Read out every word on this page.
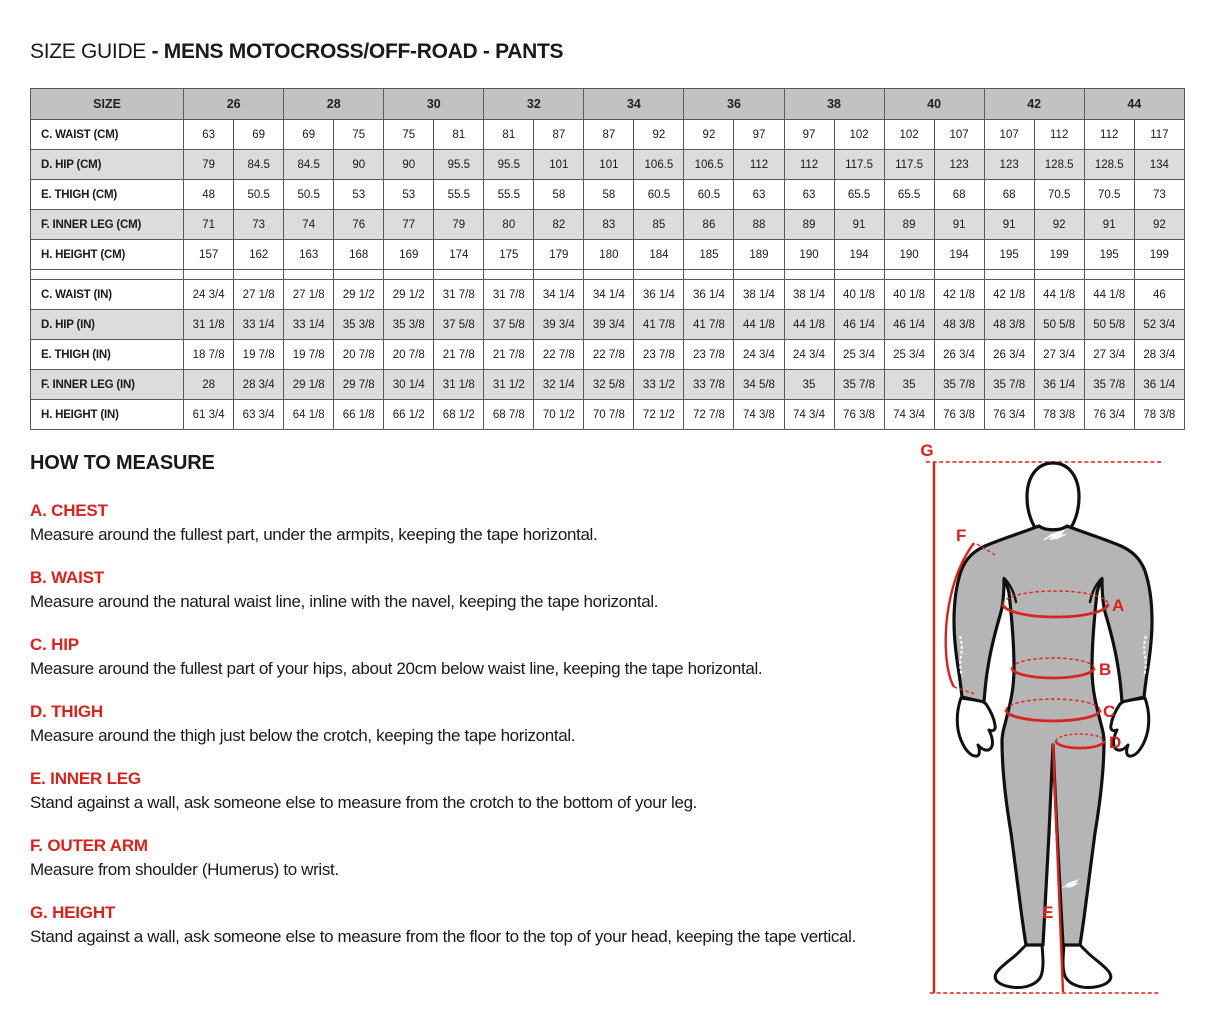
SIZE GUIDE - MENS MOTOCROSS/OFF-ROAD - PANTS
SIZE	26		28		30		32		34		36		38		40		42		44	
C. WAIST (CM)	63	69	69	75	75	81	81	87	87	92	92	97	97	102	102	107	107	112	112	117
D. HIP (CM)	79	84.5	84.5	90	90	95.5	95.5	101	101	106.5	106.5	112	112	117.5	117.5	123	123	128.5	128.5	134
E. THIGH (CM)	48	50.5	50.5	53	53	55.5	55.5	58	58	60.5	60.5	63	63	65.5	65.5	68	68	70.5	70.5	73
F. INNER LEG (CM)	71	73	74	76	77	79	80	82	83	85	86	88	89	91	89	91	91	92	91	92
H. HEIGHT (CM)	157	162	163	168	169	174	175	179	180	184	185	189	190	194	190	194	195	199	195	199

C. WAIST (IN)	24 3/4	27 1/8	27 1/8	29 1/2	29 1/2	31 7/8	31 7/8	34 1/4	34 1/4	36 1/4	36 1/4	38 1/4	38 1/4	40 1/8	40 1/8	42 1/8	42 1/8	44 1/8	44 1/8	46
D. HIP (IN)	31 1/8	33 1/4	33 1/4	35 3/8	35 3/8	37 5/8	37 5/8	39 3/4	39 3/4	41 7/8	41 7/8	44 1/8	44 1/8	46 1/4	46 1/4	48 3/8	48 3/8	50 5/8	50 5/8	52 3/4
E. THIGH (IN)	18 7/8	19 7/8	19 7/8	20 7/8	20 7/8	21 7/8	21 7/8	22 7/8	22 7/8	23 7/8	23 7/8	24 3/4	24 3/4	25 3/4	25 3/4	26 3/4	26 3/4	27 3/4	27 3/4	28 3/4
F. INNER LEG (IN)	28	28 3/4	29 1/8	29 7/8	30 1/4	31 1/8	31 1/2	32 1/4	32 5/8	33 1/2	33 7/8	34 5/8	35	35 7/8	35	35 7/8	35 7/8	36 1/4	35 7/8	36 1/4
H. HEIGHT (IN)	61 3/4	63 3/4	64 1/8	66 1/8	66 1/2	68 1/2	68 7/8	70 1/2	70 7/8	72 1/2	72 7/8	74 3/8	74 3/4	76 3/8	74 3/4	76 3/8	76 3/4	78 3/8	76 3/4	78 3/8
HOW TO MEASURE
A. CHEST
Measure around the fullest part, under the armpits, keeping the tape horizontal.
B. WAIST
Measure around the natural waist line, inline with the navel, keeping the tape horizontal.
C. HIP
Measure around the fullest part of your hips, about 20cm below waist line, keeping the tape horizontal.
D. THIGH
Measure around the thigh just below the crotch, keeping the tape horizontal.
E. INNER LEG
Stand against a wall, ask someone else to measure from the crotch to the bottom of your leg.
F. OUTER ARM
Measure from shoulder (Humerus) to wrist.
G. HEIGHT
Stand against a wall, ask someone else to measure from the floor to the top of your head, keeping the tape vertical.
G
F
A
B
C
D
E
